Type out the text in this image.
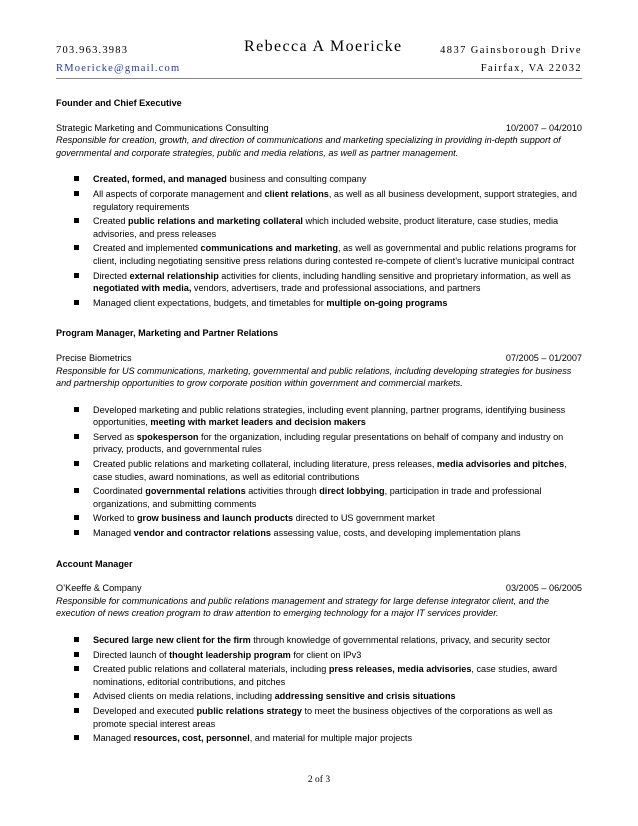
703.963.3983
RMoericke@gmail.com
Rebecca A Moericke	4837 Gainsborough Drive
Fairfax, VA 22032
Founder and Chief Executive
Strategic Marketing and Communications Consulting	10/2007 – 04/2010
Responsible for creation, growth, and direction of communications and marketing specializing in providing in-depth support of governmental and corporate strategies, public and media relations, as well as partner management.
Created, formed, and managed business and consulting company
All aspects of corporate management and client relations, as well as all business development, support strategies, and regulatory requirements
Created public relations and marketing collateral which included website, product literature, case studies, media advisories, and press releases
Created and implemented communications and marketing, as well as governmental and public relations programs for client, including negotiating sensitive press relations during contested re-compete of client’s lucrative municipal contract
Directed external relationship activities for clients, including handling sensitive and proprietary information, as well as negotiated with media, vendors, advertisers, trade and professional associations, and partners
Managed client expectations, budgets, and timetables for multiple on-going programs
Program Manager, Marketing and Partner Relations
Precise Biometrics	07/2005 – 01/2007
Responsible for US communications, marketing, governmental and public relations, including developing strategies for business and partnership opportunities to grow corporate position within government and commercial markets.
Developed marketing and public relations strategies, including event planning, partner programs, identifying business opportunities, meeting with market leaders and decision makers
Served as spokesperson for the organization, including regular presentations on behalf of company and industry on privacy, products, and governmental rules
Created public relations and marketing collateral, including literature, press releases, media advisories and pitches, case studies, award nominations, as well as editorial contributions
Coordinated governmental relations activities through direct lobbying, participation in trade and professional organizations, and submitting comments
Worked to grow business and launch products directed to US government market
Managed vendor and contractor relations assessing value, costs, and developing implementation plans
Account Manager
O’Keeffe & Company	03/2005 – 06/2005
Responsible for communications and public relations management and strategy for large defense integrator client, and the execution of news creation program to draw attention to emerging technology for a major IT services provider.
Secured large new client for the firm through knowledge of governmental relations, privacy, and security sector
Directed launch of thought leadership program for client on IPv3
Created public relations and collateral materials, including press releases, media advisories, case studies, award nominations, editorial contributions, and pitches
Advised clients on media relations, including addressing sensitive and crisis situations
Developed and executed public relations strategy to meet the business objectives of the corporations as well as promote special interest areas
Managed resources, cost, personnel, and material for multiple major projects
2 of 3
